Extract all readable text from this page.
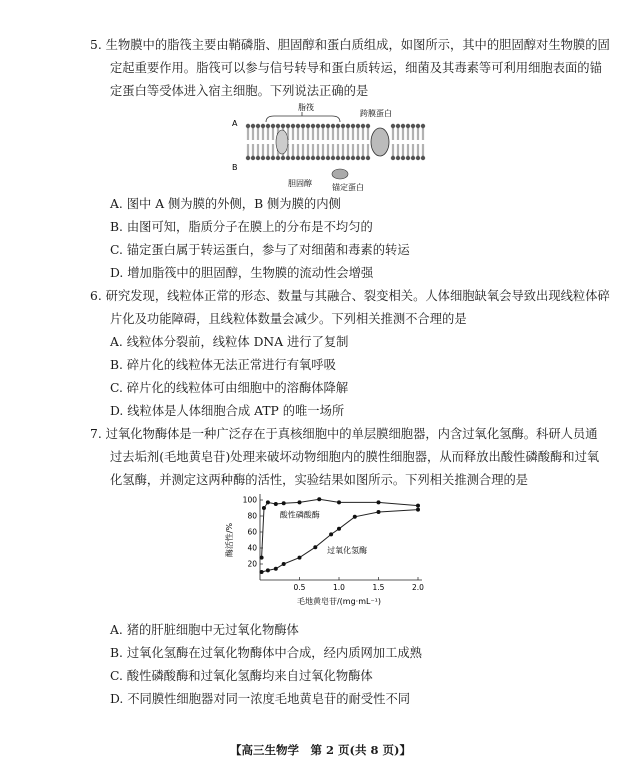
5. 生物膜中的脂筏主要由鞘磷脂、胆固醇和蛋白质组成，如图所示，其中的胆固醇对生物膜的固
定起重要作用。脂筏可以参与信号转导和蛋白质转运，细菌及其毒素等可利用细胞表面的锚
定蛋白等受体进入宿主细胞。下列说法正确的是
脂筏
跨膜蛋白
A
B
胆固醇	锚定蛋白
A. 图中 A 侧为膜的外侧，B 侧为膜的内侧
B. 由图可知，脂质分子在膜上的分布是不均匀的
C. 锚定蛋白属于转运蛋白，参与了对细菌和毒素的转运
D. 增加脂筏中的胆固醇，生物膜的流动性会增强
6. 研究发现，线粒体正常的形态、数量与其融合、裂变相关。人体细胞缺氧会导致出现线粒体碎
片化及功能障碍，且线粒体数量会减少。下列相关推测不合理的是
A. 线粒体分裂前，线粒体 DNA 进行了复制
B. 碎片化的线粒体无法正常进行有氧呼吸
C. 碎片化的线粒体可由细胞中的溶酶体降解
D. 线粒体是人体细胞合成 ATP 的唯一场所
7. 过氧化物酶体是一种广泛存在于真核细胞中的单层膜细胞器，内含过氧化氢酶。科研人员通
过去垢剂(毛地黄皂苷)处理来破坏动物细胞内的膜性细胞器，从而释放出酸性磷酸酶和过氧
化氢酶，并测定这两种酶的活性，实验结果如图所示。下列相关推测合理的是
0.5	1.0	1.5	2.0
20
40
60
80
100
毛地黄皂苷/(mg·mL⁻¹)
酶活性/%
酸性磷酸酶
过氧化氢酶
A. 猪的肝脏细胞中无过氧化物酶体
B. 过氧化氢酶在过氧化物酶体中合成，经内质网加工成熟
C. 酸性磷酸酶和过氧化氢酶均来自过氧化物酶体
D. 不同膜性细胞器对同一浓度毛地黄皂苷的耐受性不同
【高三生物学　第 2 页(共 8 页)】
